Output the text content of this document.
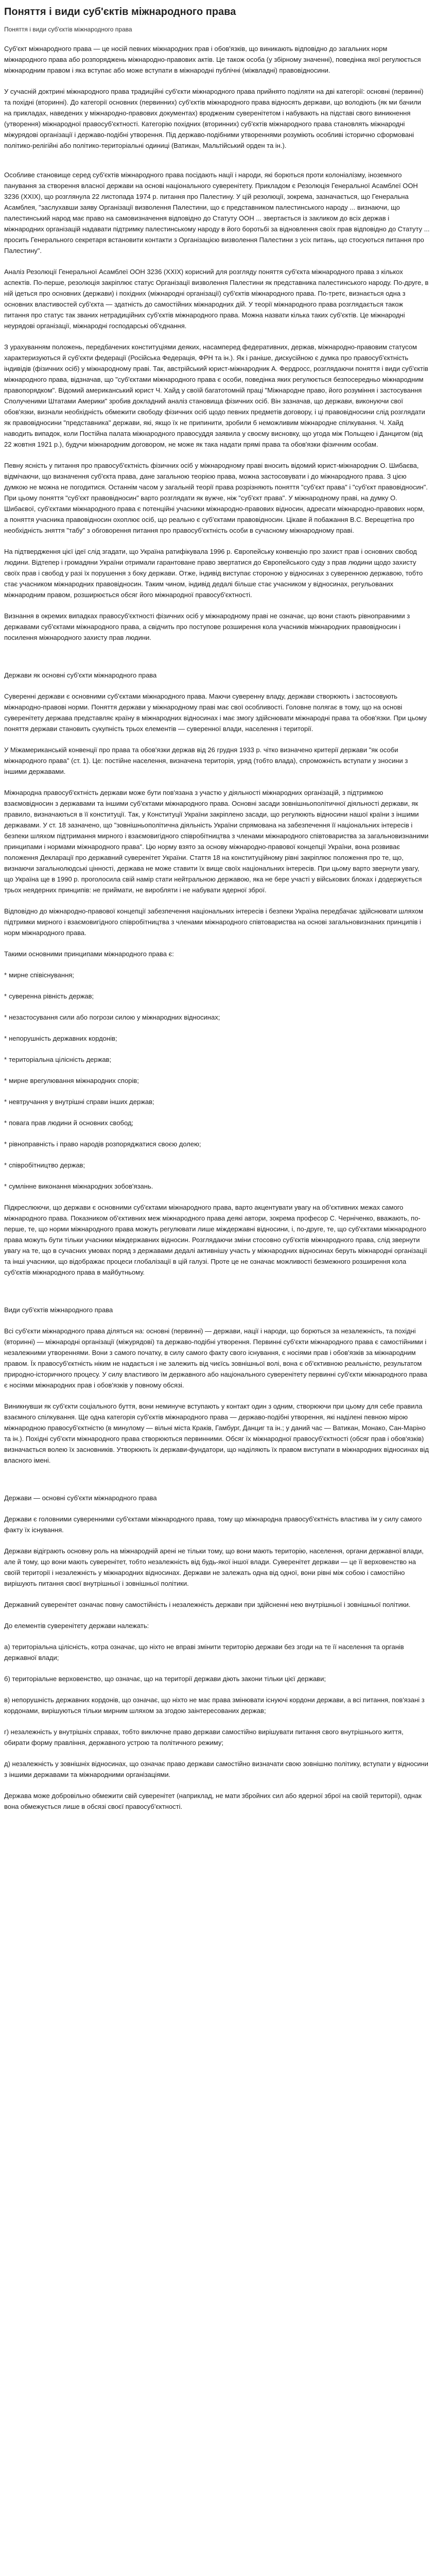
Поняття і види суб'єктів міжнародного права
Поняття і види суб'єктів міжнародного права

Суб'єкт міжнародного права — це носій певних міжнародних прав і обов'язків, що виникають відповідно до загальних норм міжнародного права або розпоряджень міжнародно-правових актів. Це також особа (у збірному значенні), поведінка якої регулюється міжнародним правом і яка вступає або може вступати в міжнародні публічні (міжвладні) правовідносини.

У сучасній доктрині міжнародного права традиційні суб'єкти міжнародного права прийнято поділяти на дві категорії: основні (первинні) та похідні (вторинні). До категорії основних (первинних) суб'єктів міжнародного права відносять держави, що володіють (як ми бачили на прикладах, наведених у міжнародно-правових документах) вродженим суверенітетом і набувають на підставі свого виникнення (утворення) міжнародної правосуб'єктності. Категорію похідних (вторинних) суб'єктів міжнародного права становлять міжнародні міжурядові організації і державо-подібні утворення. Під державо-подібними утвореннями розуміють особливі історично сформовані політико-релігійні або політико-територіальні одиниці (Ватикан, Мальтійський орден та ін.).

Особливе становище серед суб'єктів міжнародного права посідають нації і народи, які борються проти колоніалізму, іноземного панування за створення власної держави на основі національного суверенітету. Прикладом є Резолюція Генеральної Асамблеї ООН 3236 (XXIX), що розглянула 22 листопада 1974 р. питання про Палестину. У цій резолюції, зокрема, зазначається, що Генеральна Асамблея, "заслухавши заяву Організації визволення Палестини, що є представником палестинського народу ... визнаючи, що палестинський народ має право на самовизначення відповідно до Статуту ООН ... звертається із закликом до всіх держав і міжнародних організацій надавати підтримку палестинському народу в його боротьбі за відновлення своїх прав відповідно до Статуту ... просить Генерального секретаря встановити контакти з Організацією визволення Палестини з усіх питань, що стосуються питання про Палестину".

Аналіз Резолюції Генеральної Асамблеї ООН 3236 (XXIX) корисний для розгляду поняття суб'єкта міжнародного права з кількох аспектів. По-перше, резолюція закріплює статус Організації визволення Палестини як представника палестинського народу. По-друге, в ній ідеться про основних (держави) і похідних (міжнародні організації) суб'єктів міжнародного права. По-третє, визнається одна з основних властивостей суб'єкта — здатність до самостійних міжнародних дій. У теорії міжнародного права розглядається також питання про статус так званих нетрадиційних суб'єктів міжнародного права. Можна назвати кілька таких суб'єктів. Це міжнародні неурядові організації, міжнародні господарські об'єднання.

З урахуванням положень, передбачених конституціями деяких, насамперед федеративних, держав, міжнародно-правовим статусом характеризуються й суб'єкти федерації (Російська Федерація, ФРН та ін.). Як і раніше, дискусійною є думка про правосуб'єктність індивідів (фізичних осіб) у міжнародному праві. Так, австрійський юрист-міжнародник А. Фердросс, розглядаючи поняття і види суб'єктів міжнародного права, відзначав, що "суб'єктами міжнародного права є особи, поведінка яких регулюється безпосередньо міжнародним правопорядком". Відомий американський юрист Ч. Хайд у своїй багатотомній праці "Міжнародне право, його розуміння і застосування Сполученими Штатами Америки" зробив докладний аналіз становища фізичних осіб. Він зазначав, що держави, виконуючи свої обов'язки, визнали необхідність обмежити свободу фізичних осіб щодо певних предметів договору, і ці правовідносини слід розглядати як правовідносини "представника" держави, які, якщо їх не припинити, зробили б неможливим міжнародне спілкування. Ч. Хайд наводить випадок, коли Постійна палата міжнародного правосуддя заявила у своєму висновку, що угода між Польщею і Данцигом (від 22 жовтня 1921 р.), будучи міжнародним договором, не може як така надати прямі права та обов'язки фізичним особам.

Певну ясність у питання про правосуб'єктність фізичних осіб у міжнародному праві вносить відомий юрист-міжнародник О. Шибаєва, відмічаючи, що визначення суб'єкта права, дане загальною теорією права, можна застосовувати і до міжнародного права. З цією думкою не можна не погодитися. Останнім часом у загальній теорії права розрізняють поняття "суб'єкт права" і "суб'єкт правовідносин". При цьому поняття "суб'єкт правовідносин" варто розглядати як вужче, ніж "суб'єкт права". У міжнародному праві, на думку О. Шибаєвої, суб'єктами міжнародного права є потенційні учасники міжнародно-правових відносин, адресати міжнародно-правових норм, а поняття учасника правовідносин охоплює осіб, що реально є суб'єктами правовідносин. Цікаве й побажання В.С. Верещетіна про необхідність зняття "табу" з обговорення питання про правосуб'єктність особи в сучасному міжнародному праві.

На підтвердження цієї ідеї слід згадати, що Україна ратифікувала 1996 р. Європейську конвенцію про захист прав і основних свобод людини. Відтепер і громадяни України отримали гарантоване право звертатися до Європейського суду з прав людини щодо захисту своїх прав і свобод у разі їх порушення з боку держави. Отже, індивід виступає стороною у відносинах з суверенною державою, тобто стає учасником міжнародних правовідносин. Таким чином, індивід дедалі більше стає учасником у відносинах, регульованих міжнародним правом, розширюється обсяг його міжнародної правосуб'єктності.

Визнання в окремих випадках правосуб'єктності фізичних осіб у міжнародному праві не означає, що вони стають рівноправними з державами суб'єктами міжнародного права, а свідчить про поступове розширення кола учасників міжнародних правовідносин і посилення міжнародного захисту прав людини.

Держави як основні суб'єкти міжнародного права

Суверенні держави є основними суб'єктами міжнародного права. Маючи суверенну владу, держави створюють і застосовують міжнародно-правові норми. Поняття держави у міжнародному праві має свої особливості. Головне полягає в тому, що на основі суверенітету держава представляє країну в міжнародних відносинах і має змогу здійснювати міжнародні права та обов'язки. При цьому поняття держави становить сукупність трьох елементів — суверенної влади, населення і території.

У Міжамериканській конвенції про права та обов'язки держав від 26 грудня 1933 р. чітко визначено критерії держави "як особи міжнародного права" (ст. 1). Це: постійне населення, визначена територія, уряд (тобто влада), спроможність вступати у зносини з іншими державами.

Міжнародна правосуб'єктність держави може бути пов'язана з участю у діяльності міжнародних організацій, з підтримкою взаємовідносин з державами та іншими суб'єктами міжнародного права. Основні засади зовнішньополітичної діяльності держави, як правило, визначаються в її конституції. Так, у Конституції України закріплено засади, що регулюють відносини нашої країни з іншими державами. У ст. 18 зазначено, що "зовнішньополітична діяльність України спрямована на забезпечення її національних інтересів і безпеки шляхом підтримання мирного і взаємовигідного співробітництва з членами міжнародного співтовариства за загальновизнаними принципами і нормами міжнародного права". Цю норму взято за основу міжнародно-правової концепції України, вона розвиває положення Декларації про державний суверенітет України. Стаття 18 на конституційному рівні закріплює положення про те, що, визнаючи загальнолюдські цінності, держава не може ставити їх вище своїх національних інтересів. При цьому варто звернути увагу, що Україна ще в 1990 р. проголосила свій намір стати нейтральною державою, яка не бере участі у військових блоках і додержується трьох неядерних принципів: не приймати, не виробляти і не набувати ядерної зброї.

Відповідно до міжнародно-правової концепції забезпечення національних інтересів і безпеки Україна передбачає здійснювати шляхом підтримки мирного і взаємовигідного співробітництва з членами міжнародного співтовариства на основі загальновизнаних принципів і норм міжнародного права.

Такими основними принципами міжнародного права є:

* мирне співіснування;

* суверенна рівність держав;

* незастосування сили або погрози силою у міжнародних відносинах;

* непорушність державних кордонів;

* територіальна цілісність держав;

* мирне врегулювання міжнародних спорів;

* невтручання у внутрішні справи інших держав;

* повага прав людини й основних свобод;

* рівноправність і право народів розпоряджатися своєю долею;

* співробітництво держав;

* сумлінне виконання міжнародних зобов'язань.

Підкреслюючи, що держави є основними суб'єктами міжнародного права, варто акцентувати увагу на об'єктивних межах самого міжнародного права. Показником об'єктивних меж міжнародного права деякі автори, зокрема професор С. Черніченко, вважають, по-перше, те, що норми міжнародного права можуть регулювати лише міждержавні відносини, і, по-друге, те, що суб'єктами міжнародного права можуть бути тільки учасники міждержавних відносин. Розглядаючи зміни стосовно суб'єктів міжнародного права, слід звернути увагу на те, що в сучасних умовах поряд з державами дедалі активнішу участь у міжнародних відносинах беруть міжнародні організації та інші учасники, що відображає процеси глобалізації в цій галузі. Проте це не означає можливості безмежного розширення кола суб'єктів міжнародного права в майбутньому.

Види суб'єктів міжнародного права

Всі суб'єкти міжнародного права діляться на: основні (первинні) — держави, нації і народи, що борються за незалежність, та похідні (вторинні) — міжнародні організації (міжурядові) та державо-подібні утворення. Первинні суб'єкти міжнародного права є самостійними і незалежними утвореннями. Вони з самого початку, в силу самого факту свого існування, є носіями прав і обов'язків за міжнародним правом. Їх правосуб'єктність ніким не надається і не залежить від чиєїсь зовнішньої волі, вона є об'єктивною реальністю, результатом природно-історичного процесу. У силу властивого їм державного або національного суверенітету первинні суб'єкти міжнародного права є носіями міжнародних прав і обов'язків у повному обсязі.

Виникнувши як суб'єкти соціального буття, вони неминуче вступають у контакт один з одним, створюючи при цьому для себе правила взаємного спілкування. Ще одна категорія суб'єктів міжнародного права — державо-подібні утворення, які наділені певною мірою міжнародною правосуб'єктністю (в минулому — вільні міста Краків, Гамбург, Данциг та ін.; у даний час — Ватикан, Монако, Сан-Маріно та ін.). Похідні суб'єкти міжнародного права створюються первинними. Обсяг їх міжнародної правосуб'єктності (обсяг прав і обов'язків) визначається волею їх засновників. Утворюють їх держави-фундатори, що наділяють їх правом виступати в міжнародних відносинах від власного імені.

Держави — основні суб'єкти міжнародного права

Держави є головними суверенними суб'єктами міжнародного права, тому що міжнародна правосуб'єктність властива їм у силу самого факту їх існування.

Держави відіграють основну роль на міжнародній арені не тільки тому, що вони мають територію, населення, органи державної влади, але й тому, що вони мають суверенітет, тобто незалежність від будь-якої іншої влади. Суверенітет держави — це її верховенство на своїй території і незалежність у міжнародних відносинах. Держави не залежать одна від одної, вони рівні між собою і самостійно вирішують питання своєї внутрішньої і зовнішньої політики.

Державний суверенітет означає повну самостійність і незалежність держави при здійсненні нею внутрішньої і зовнішньої політики.

До елементів суверенітету держави належать:

а) територіальна цілісність, котра означає, що ніхто не вправі змінити територію держави без згоди на те її населення та органів державної влади;

б) територіальне верховенство, що означає, що на території держави діють закони тільки цієї держави;

в) непорушність державних кордонів, що означає, що ніхто не має права змінювати існуючі кордони держави, а всі питання, пов'язані з кордонами, вирішуються тільки мирним шляхом за згодою заінтересованих держав;

г) незалежність у внутрішніх справах, тобто виключне право держави самостійно вирішувати питання свого внутрішнього життя, обирати форму правління, державного устрою та політичного режиму;

д) незалежність у зовнішніх відносинах, що означає право держави самостійно визначати свою зовнішню політику, вступати у відносини з іншими державами та міжнародними організаціями.

Держава може добровільно обмежити свій суверенітет (наприклад, не мати збройних сил або ядерної зброї на своїй території), однак вона обмежується лише в обсязі своєї правосуб'єктності.
